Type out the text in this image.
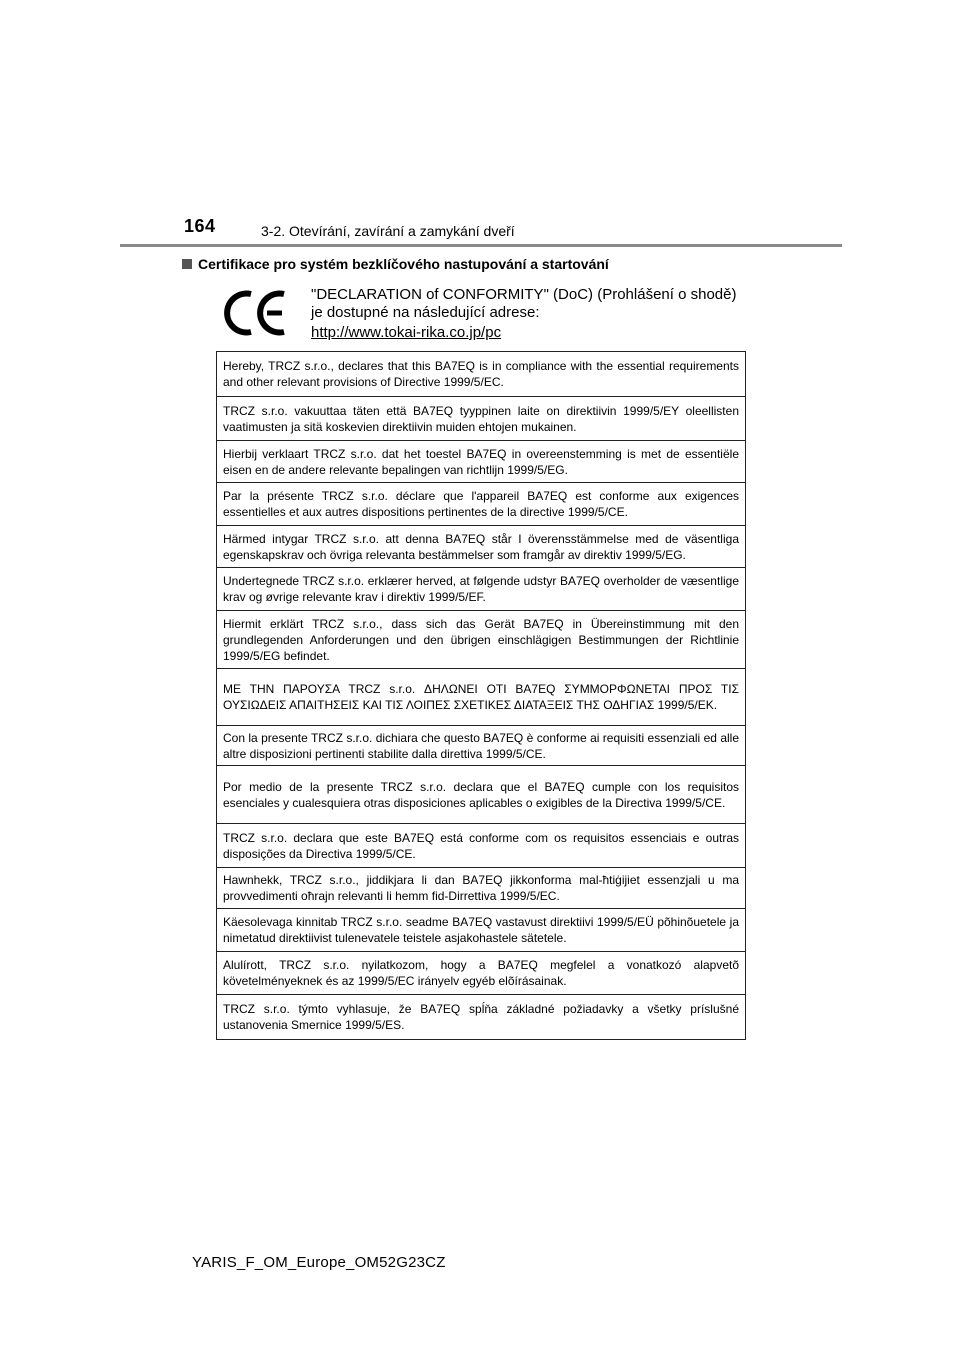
164	3-2. Otevírání, zavírání a zamykání dveří
Certifikace pro systém bezklíčového nastupování a startování
"DECLARATION of CONFORMITY" (DoC) (Prohlášení o shodě)
je dostupné na následující adrese:
http://www.tokai-rika.co.jp/pc
Hereby, TRCZ s.r.o., declares that this BA7EQ is in compliance with the essential requirements and other relevant provisions of Directive 1999/5/EC.
TRCZ s.r.o. vakuuttaa täten että BA7EQ tyyppinen laite on direktiivin 1999/5/EY oleellisten vaatimusten ja sitä koskevien direktiivin muiden ehtojen mukainen.
Hierbij verklaart TRCZ s.r.o. dat het toestel BA7EQ in overeenstemming is met de essentiële eisen en de andere relevante bepalingen van richtlijn 1999/5/EG.
Par la présente TRCZ s.r.o. déclare que l'appareil BA7EQ est conforme aux exigences essentielles et aux autres dispositions pertinentes de la directive 1999/5/CE.
Härmed intygar TRCZ s.r.o. att denna BA7EQ står I överensstämmelse med de väsentliga egenskapskrav och övriga relevanta bestämmelser som framgår av direktiv 1999/5/EG.
Undertegnede TRCZ s.r.o. erklærer herved, at følgende udstyr BA7EQ overholder de væsentlige krav og øvrige relevante krav i direktiv 1999/5/EF.
Hiermit erklärt TRCZ s.r.o., dass sich das Gerät BA7EQ in Übereinstimmung mit den grundlegenden Anforderungen und den übrigen einschlägigen Bestimmungen der Richtlinie 1999/5/EG befindet.
ΜΕ ΤΗΝ ΠΑΡΟΥΣΑ TRCZ s.r.o. ΔΗΛΩΝΕΙ ΟΤΙ BA7EQ ΣΥΜΜΟΡΦΩΝΕΤΑΙ ΠΡΟΣ ΤΙΣ ΟΥΣΙΩΔΕΙΣ ΑΠΑΙΤΗΣΕΙΣ ΚΑΙ ΤΙΣ ΛΟΙΠΕΣ ΣΧΕΤΙΚΕΣ ΔΙΑΤΑΞΕΙΣ ΤΗΣ ΟΔΗΓΙΑΣ 1999/5/ΕΚ.
Con la presente TRCZ s.r.o. dichiara che questo BA7EQ è conforme ai requisiti essenziali ed alle altre disposizioni pertinenti stabilite dalla direttiva 1999/5/CE.
Por medio de la presente TRCZ s.r.o. declara que el BA7EQ cumple con los requisitos esenciales y cualesquiera otras disposiciones aplicables o exigibles de la Directiva 1999/5/CE.
TRCZ s.r.o. declara que este BA7EQ está conforme com os requisitos essenciais e outras disposições da Directiva 1999/5/CE.
Hawnhekk, TRCZ s.r.o., jiddikjara li dan BA7EQ jikkonforma mal-ħtiġijiet essenzjali u ma provvedimenti oħrajn relevanti li hemm fid-Dirrettiva 1999/5/EC.
Käesolevaga kinnitab TRCZ s.r.o. seadme BA7EQ vastavust direktiivi 1999/5/EÜ põhinõuetele ja nimetatud direktiivist tulenevatele teistele asjakohastele sätetele.
Alulírott, TRCZ s.r.o. nyilatkozom, hogy a BA7EQ megfelel a vonatkozó alapvetõ követelményeknek és az 1999/5/EC irányelv egyéb elõírásainak.
TRCZ s.r.o. týmto vyhlasuje, že BA7EQ spĺňa základné požiadavky a všetky príslušné ustanovenia Smernice 1999/5/ES.
YARIS_F_OM_Europe_OM52G23CZ
